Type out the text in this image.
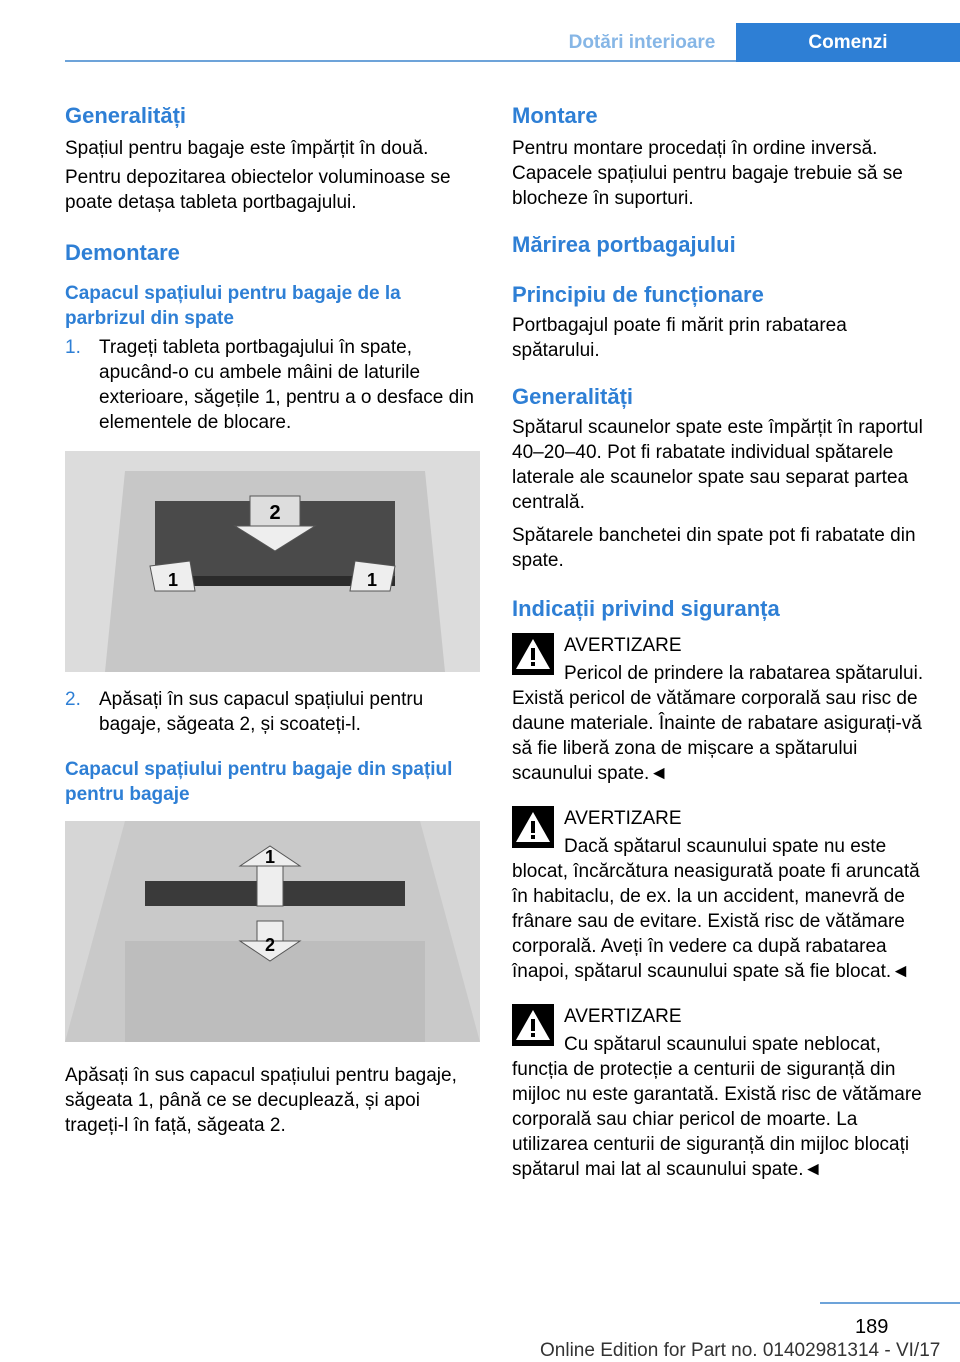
Dotări interioare	Comenzi
Generalități

Spațiul pentru bagaje este împărțit în două.

Pentru depozitarea obiectelor voluminoase se poate detașa tableta portbagajului.

Demontare
Capacul spațiului pentru bagaje de la parbrizul din spate
1. Trageți tableta portbagajului în spate, apucând-o cu ambele mâini de laturile exterioare, săgețile 1, pentru a o desface din elementele de blocare.
2
1	1
2. Apăsați în sus capacul spațiului pentru bagaje, săgeata 2, și scoateți-l.
Capacul spațiului pentru bagaje din spațiul pentru bagaje
1
2

Apăsați în sus capacul spațiului pentru bagaje, săgeata 1, până ce se decuplează, și apoi trageți-l în față, săgeata 2.

Montare

Pentru montare procedați în ordine inversă. Capacele spațiului pentru bagaje trebuie să se blocheze în suporturi.

Mărirea portbagajului
Principiu de funcționare

Portbagajul poate fi mărit prin rabatarea spătarului.

Generalități

Spătarul scaunelor spate este împărțit în raportul 40–20–40. Pot fi rabatate individual spătarele laterale ale scaunelor spate sau separat partea centrală.

Spătarele banchetei din spate pot fi rabatate din spate.

Indicații privind siguranța

AVERTIZARE

Pericol de prindere la rabatarea spătarului. Există pericol de vătămare corporală sau risc de daune materiale. Înainte de rabatare asigurați-vă să fie liberă zona de mișcare a spătarului scaunului spate.◄

AVERTIZARE

Dacă spătarul scaunului spate nu este blocat, încărcătura neasigurată poate fi aruncată în habitaclu, de ex. la un accident, manevră de frânare sau de evitare. Există risc de vătămare corporală. Aveți în vedere ca după rabatarea înapoi, spătarul scaunului spate să fie blocat.◄

AVERTIZARE

Cu spătarul scaunului spate neblocat, funcția de protecție a centurii de siguranță din mijloc nu este garantată. Există risc de vătămare corporală sau chiar pericol de moarte. La utilizarea centurii de siguranță din mijloc blocați spătarul mai lat al scaunului spate.◄

189
Online Edition for Part no. 01402981314 - VI/17
